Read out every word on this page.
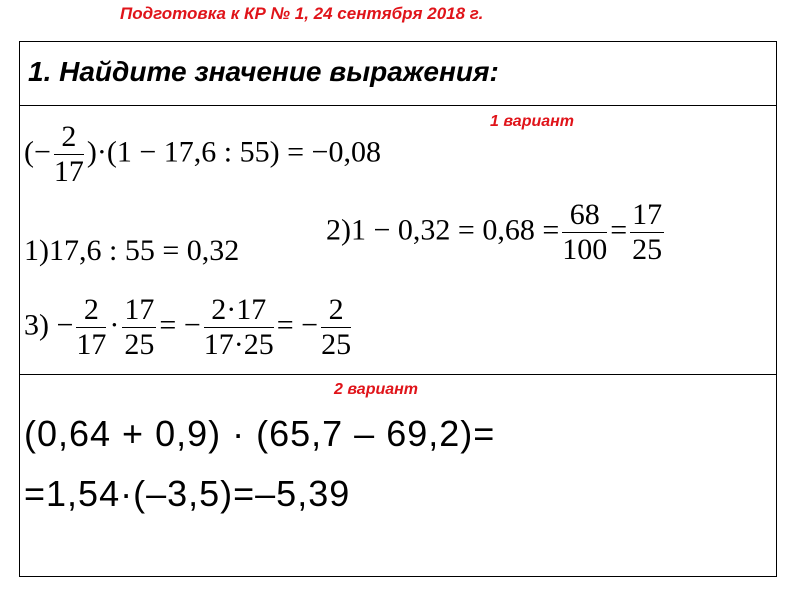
Подготовка к КР № 1, 24 сентября 2018 г.
1. Найдите значение выражения:
1 вариант
(− $\frac{2}{17} )\cdot(1 - 17,6$ : 55) = −0,08
1)17,6 : 55 = 0,32
$2)1 - 0,32 = 0,68 = \frac{68}{100} = \frac{17}{25}$
$3) - \frac{2}{17} \cdot \frac{17}{25}$ = − $\frac{2\cdot 17}{17\cdot 25}$ = − $\frac{2}{25}$
2 вариант
(0,64 + 0,9) · (65,7 – 69,2)=
=1,54·(–3,5)=–5,39
